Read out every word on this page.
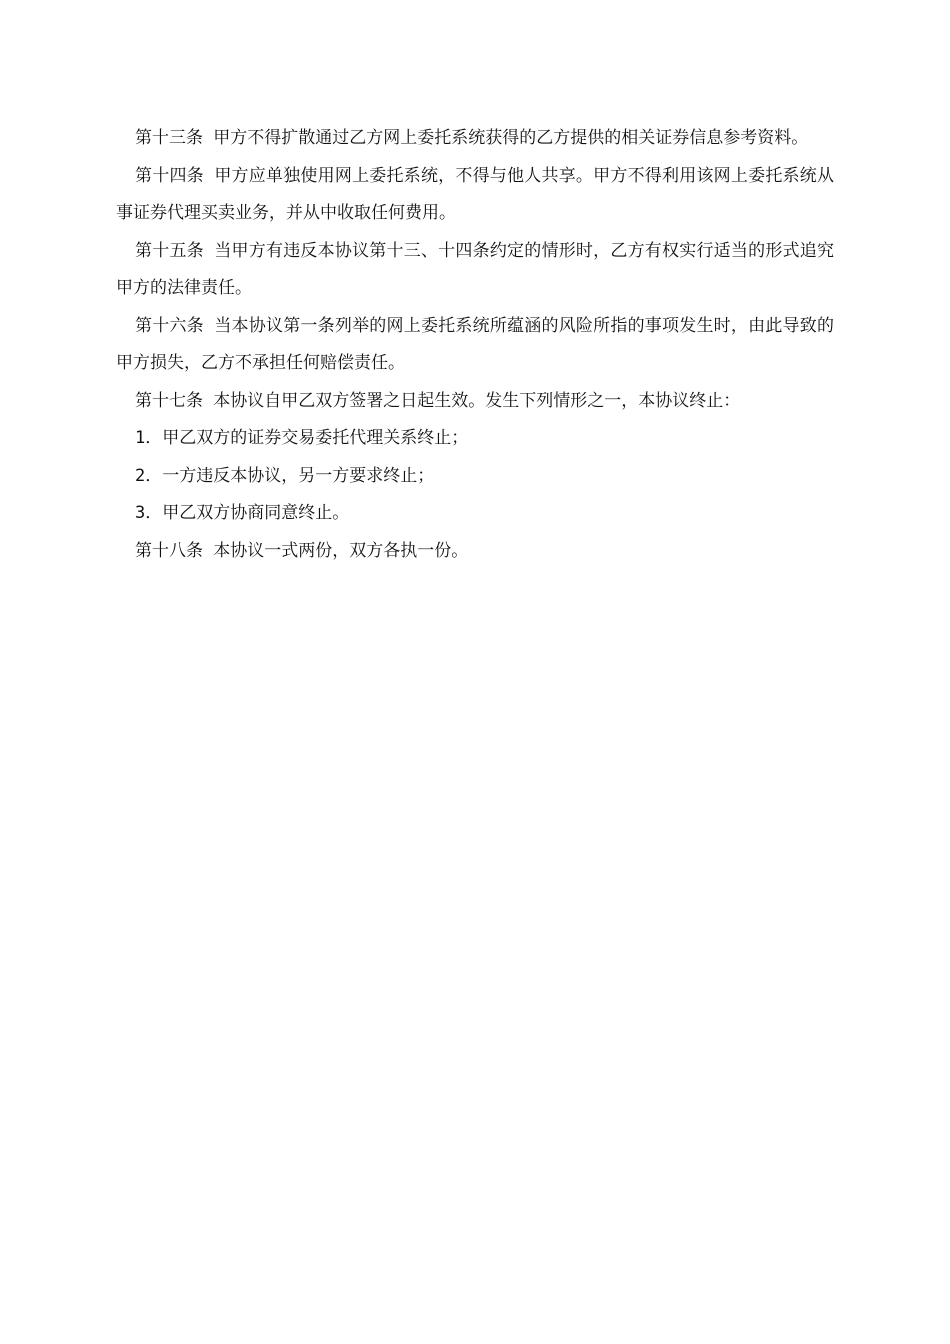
第十三条 甲方不得扩散通过乙方网上委托系统获得的乙方提供的相关证券信息参考资料。

第十四条 甲方应单独使用网上委托系统，不得与他人共享。甲方不得利用该网上委托系统从事证券代理买卖业务，并从中收取任何费用。

第十五条 当甲方有违反本协议第十三、十四条约定的情形时，乙方有权实行适当的形式追究甲方的法律责任。

第十六条 当本协议第一条列举的网上委托系统所蕴涵的风险所指的事项发生时，由此导致的甲方损失，乙方不承担任何赔偿责任。

第十七条 本协议自甲乙双方签署之日起生效。发生下列情形之一，本协议终止：

1．甲乙双方的证券交易委托代理关系终止；

2．一方违反本协议，另一方要求终止；

3．甲乙双方协商同意终止。

第十八条 本协议一式两份，双方各执一份。
